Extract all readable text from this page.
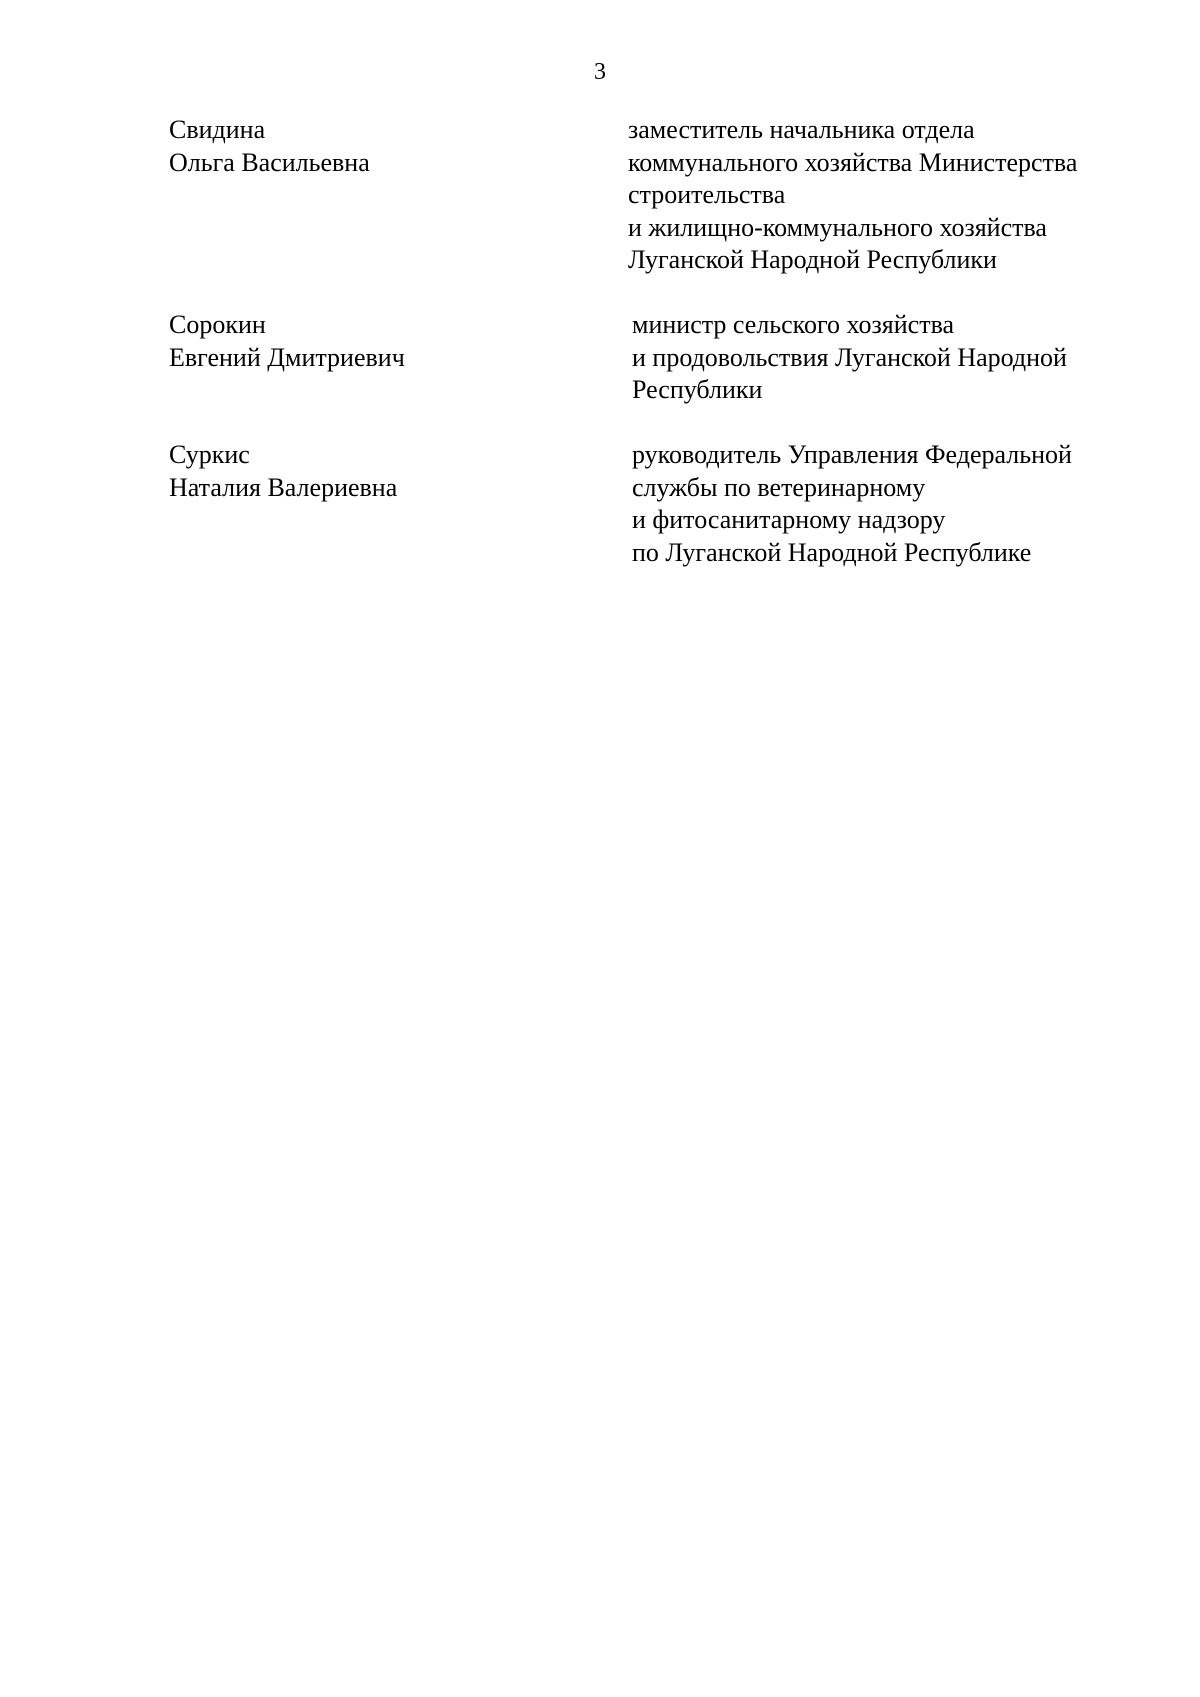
3
Свидина
Ольга Васильевна
заместитель начальника отдела
коммунального хозяйства Министерства
строительства
и жилищно-коммунального хозяйства
Луганской Народной Республики
Сорокин
Евгений Дмитриевич
министр сельского хозяйства
и продовольствия Луганской Народной
Республики
Суркис
Наталия Валериевна
руководитель Управления Федеральной
службы по ветеринарному
и фитосанитарному надзору
по Луганской Народной Республике
